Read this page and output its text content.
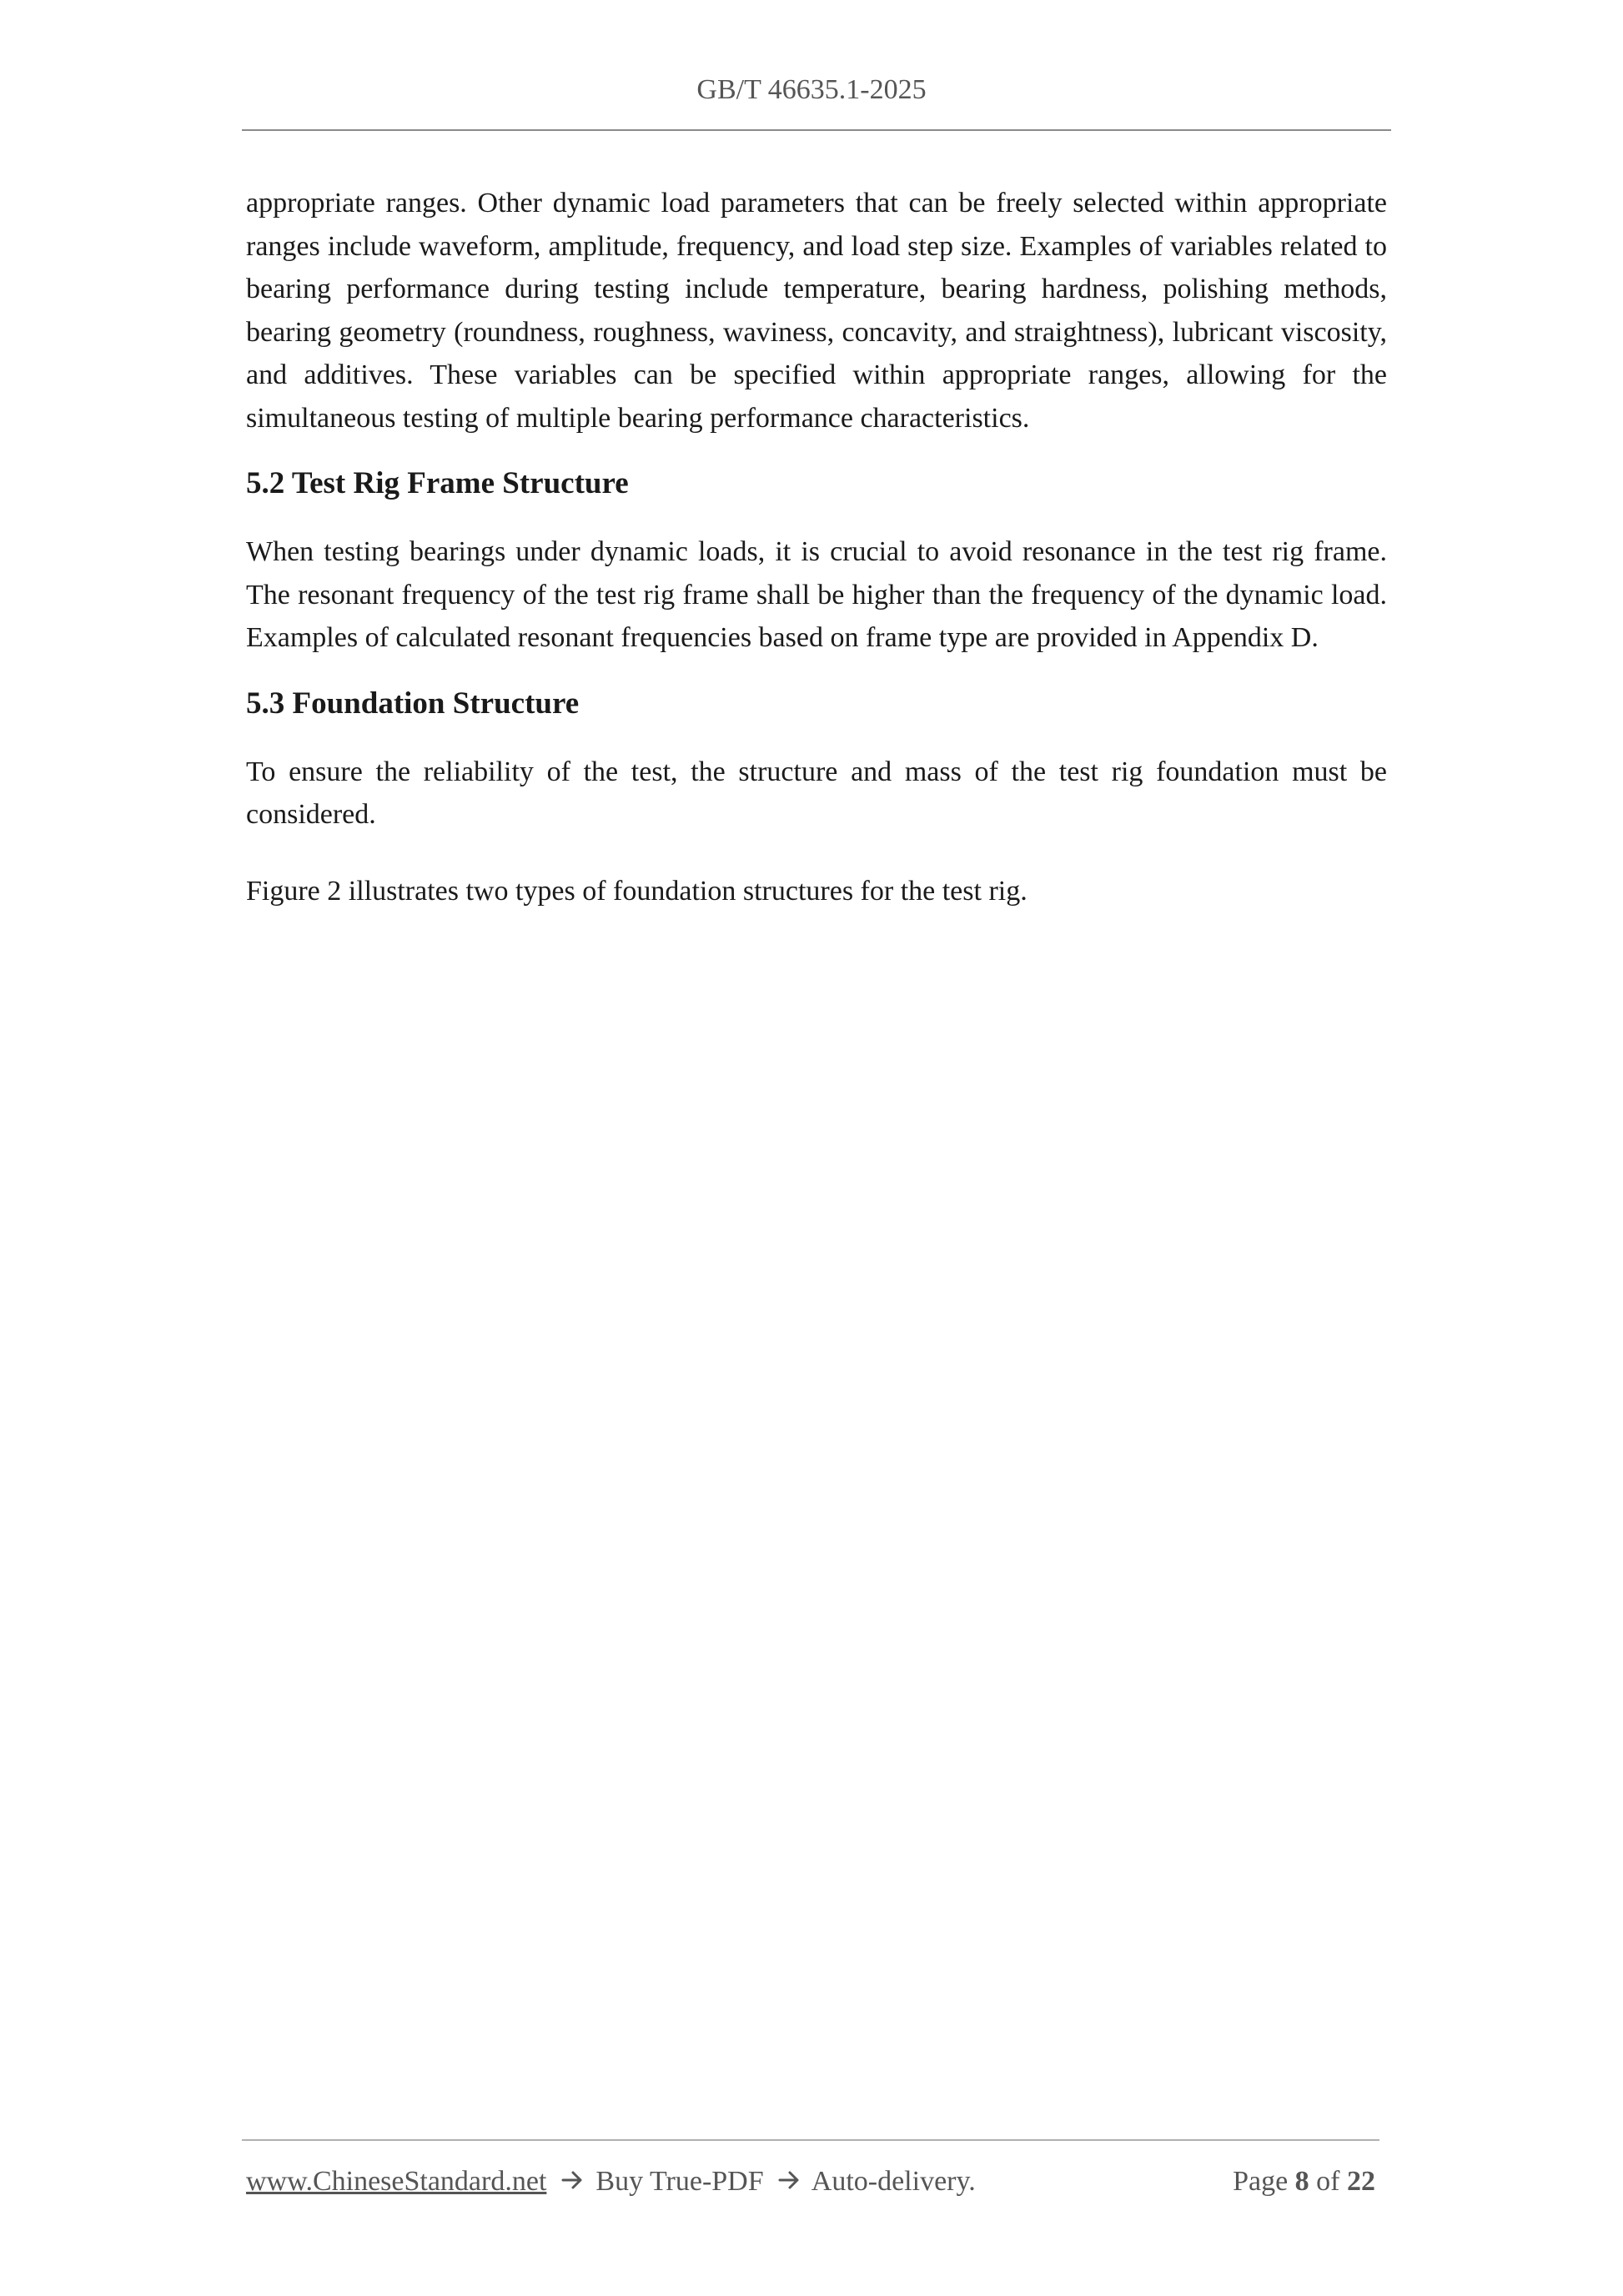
GB/T 46635.1-2025

appropriate ranges. Other dynamic load parameters that can be freely selected within appropriate ranges include waveform, amplitude, frequency, and load step size. Examples of variables related to bearing performance during testing include temperature, bearing hardness, polishing methods, bearing geometry (roundness, roughness, waviness, concavity, and straightness), lubricant viscosity, and additives. These variables can be specified within appropriate ranges, allowing for the simultaneous testing of multiple bearing performance characteristics.

5.2 Test Rig Frame Structure

When testing bearings under dynamic loads, it is crucial to avoid resonance in the test rig frame. The resonant frequency of the test rig frame shall be higher than the frequency of the dynamic load. Examples of calculated resonant frequencies based on frame type are provided in Appendix D.

5.3 Foundation Structure

To ensure the reliability of the test, the structure and mass of the test rig foundation must be considered.

Figure 2 illustrates two types of foundation structures for the test rig.

www.ChineseStandard.net Buy True-PDF Auto-delivery.	Page 8 of 22
